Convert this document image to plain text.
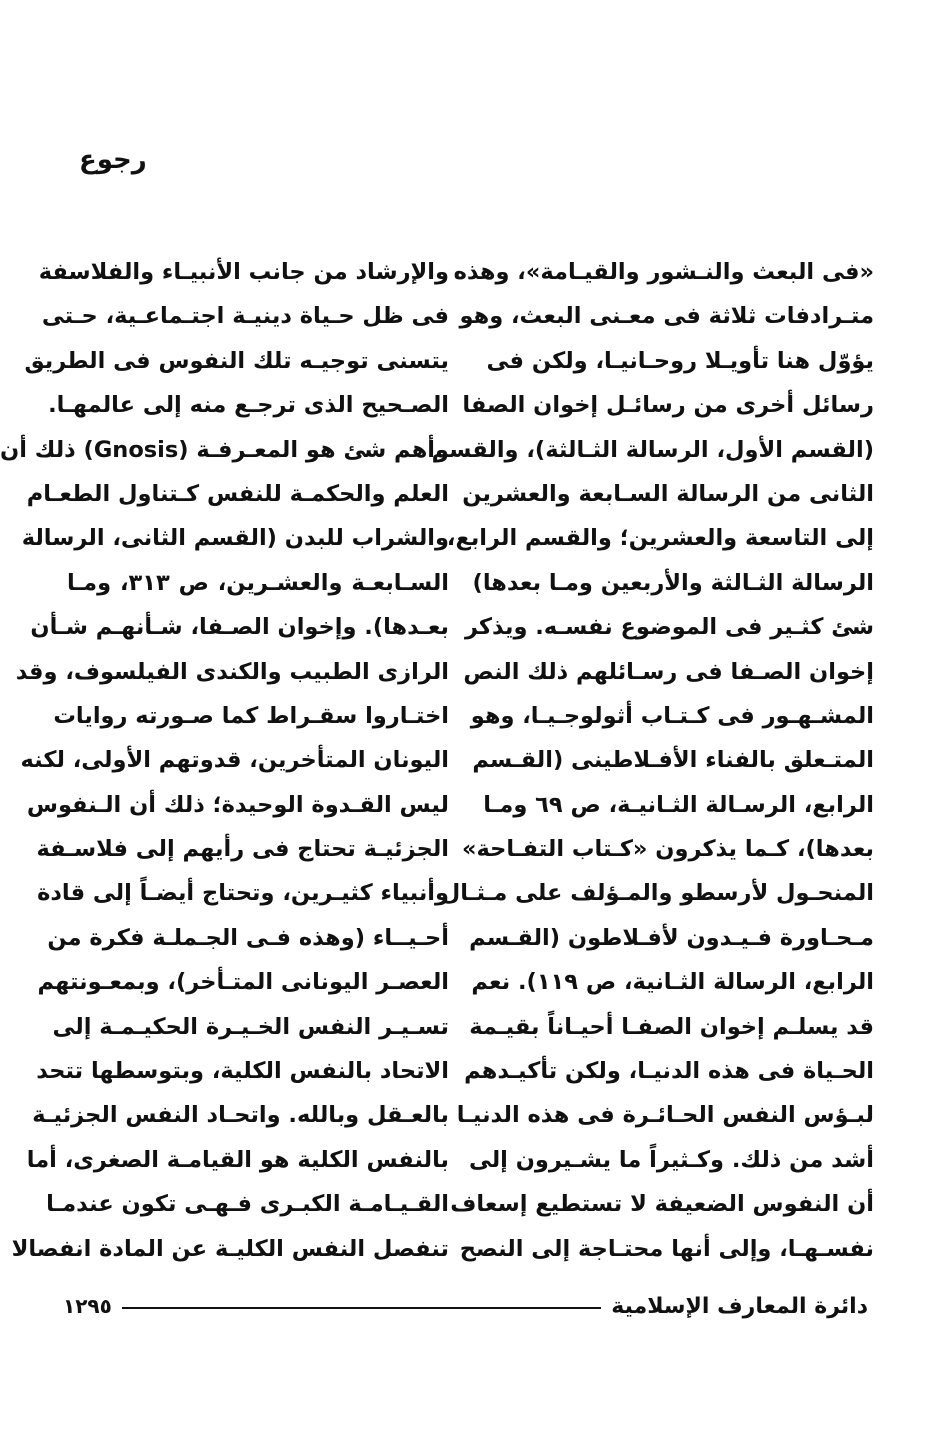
رجوع
«فى البعث والنـشور والقيـامة»، وهذه
متـرادفات ثلاثة فى معـنى البعث، وهو
يؤوّل هنا تأويـلا روحـانيـا، ولكن فى
رسائل أخرى من رسائـل إخوان الصفا
(القسم الأول، الرسالة الثـالثة)، والقسم
الثانى من الرسالة السـابعة والعشرين
إلى التاسعة والعشرين؛ والقسم الرابع،
الرسالة الثـالثة والأربعين ومـا بعدها)
شئ كثـير فى الموضوع نفسـه. ويذكر
إخوان الصـفا فى رسـائلهم ذلك النص
المشـهـور فى كـتـاب أثولوجـيـا، وهو
المتـعلق بالفناء الأفـلاطينى (القـسم
الرابع، الرسـالة الثـانيـة، ص ٦٩ ومـا
بعدها)، كـما يذكرون «كـتاب التفـاحة»
المنحـول لأرسطو والمـؤلف على مـثـال
مـحـاورة فـيـدون لأفـلاطون (القـسم
الرابع، الرسالة الثـانية، ص ١١٩). نعم
قد يسلـم إخوان الصفـا أحيـاناً بقيـمة
الحـياة فى هذه الدنيـا، ولكن تأكيـدهم
لبـؤس النفس الحـائـرة فى هذه الدنيـا
أشد من ذلك. وكـثيراً ما يشـيرون إلى
أن النفوس الضعيفة لا تستطيع إسعاف
نفسـهـا، وإلى أنها محتـاجة إلى النصح
والإرشاد من جانب الأنبيـاء والفلاسفة
فى ظل حـياة دينيـة اجتـماعـية، حـتى
يتسنى توجيـه تلك النفوس فى الطريق
الصـحيح الذى ترجـع منه إلى عالمهـا.
وأهم شئ هو المعـرفـة (Gnosis) ذلك أن
العلم والحكمـة للنفس كـتناول الطعـام
والشراب للبدن (القسم الثانى، الرسالة
السـابعـة والعشـرين، ص ٣١٣، ومـا
بعـدها). وإخوان الصـفا، شـأنهـم شـأن
الرازى الطبيب والكندى الفيلسوف، وقد
اختـاروا سقـراط كما صـورته روايات
اليونان المتأخرين، قدوتهم الأولى، لكنه
ليس القـدوة الوحيدة؛ ذلك أن الـنفوس
الجزئيـة تحتاج فى رأيهم إلى فلاسـفة
وأنبياء كثيـرين، وتحتاج أيضـاً إلى قادة
أحـيــاء (وهذه فـى الجـملـة فكرة من
العصـر اليونانى المتـأخر)، وبمعـونتهم
تسـيـر النفس الخـيـرة الحكيـمـة إلى
الاتحاد بالنفس الكلية، وبتوسطها تتحد
بالعـقل وبالله. واتحـاد النفس الجزئيـة
بالنفس الكلية هو القيامـة الصغرى، أما
القـيـامـة الكبـرى فـهـى تكون عندمـا
تنفصل النفس الكليـة عن المادة انفصالا
دائرة المعارف الإسلامية
١٢٩٥
